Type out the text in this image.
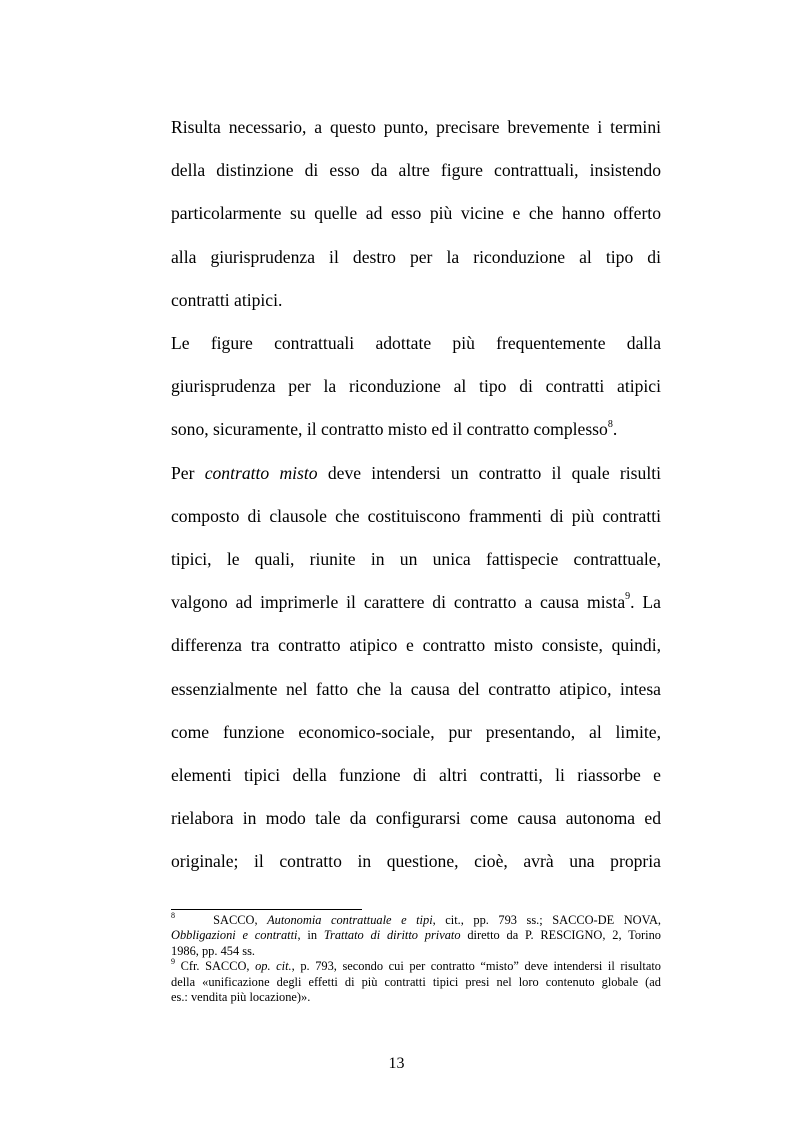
Risulta necessario, a questo punto, precisare brevemente i termini
della distinzione di esso da altre figure contrattuali, insistendo
particolarmente su quelle ad esso più vicine e che hanno offerto
alla giurisprudenza il destro per la riconduzione al tipo di
contratti atipici.
Le figure contrattuali adottate più frequentemente dalla
giurisprudenza per la riconduzione al tipo di contratti atipici
sono, sicuramente, il contratto misto ed il contratto complesso$^8$.
Per contratto misto deve intendersi un contratto il quale risulti
composto di clausole che costituiscono frammenti di più contratti
tipici, le quali, riunite in un unica fattispecie contrattuale,
valgono ad imprimerle il carattere di contratto a causa mista$^9$. La
differenza tra contratto atipico e contratto misto consiste, quindi,
essenzialmente nel fatto che la causa del contratto atipico, intesa
come funzione economico-sociale, pur presentando, al limite,
elementi tipici della funzione di altri contratti, li riassorbe e
rielabora in modo tale da configurarsi come causa autonoma ed
originale; il contratto in questione, cioè, avrà una propria
$^8$	SACCO, Autonomia contrattuale e tipi, cit., pp. 793 ss.; SACCO-DE NOVA,
Obbligazioni e contratti, in Trattato di diritto privato diretto da P. RESCIGNO, 2, Torino
1986, pp. 454 ss.
$^9$ Cfr. SACCO, op. cit., p. 793, secondo cui per contratto “misto” deve intendersi il risultato
della «unificazione degli effetti di più contratti tipici presi nel loro contenuto globale (ad
es.: vendita più locazione)».
13
